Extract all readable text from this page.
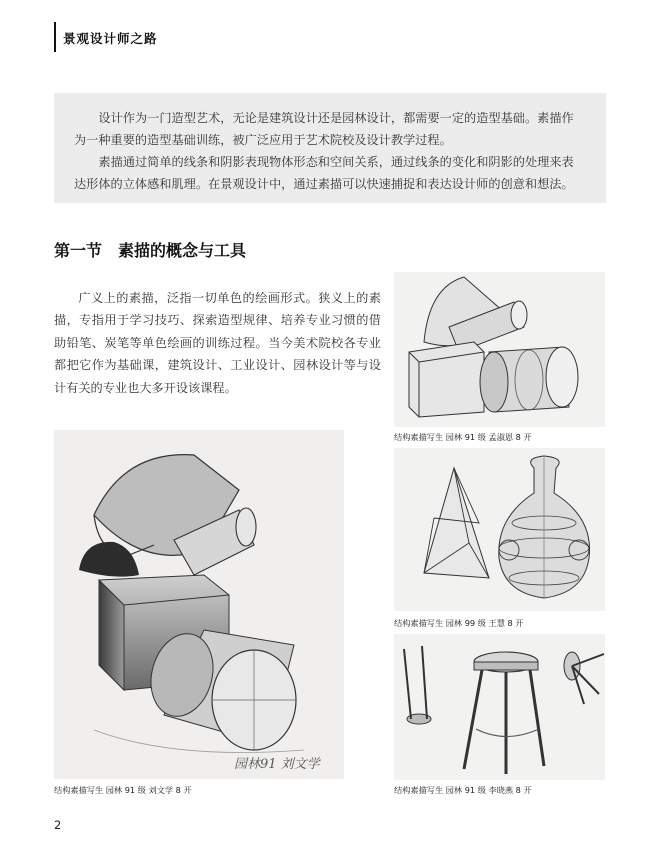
景观设计师之路

设计作为一门造型艺术，无论是建筑设计还是园林设计，都需要一定的造型基础。素描作为一种重要的造型基础训练，被广泛应用于艺术院校及设计教学过程。

素描通过简单的线条和阴影表现物体形态和空间关系，通过线条的变化和阴影的处理来表达形体的立体感和肌理。在景观设计中，通过素描可以快速捕捉和表达设计师的创意和想法。

第一节　素描的概念与工具

广义上的素描，泛指一切单色的绘画形式。狭义上的素描，专指用于学习技巧、探索造型规律、培养专业习惯的借助铅笔、炭笔等单色绘画的训练过程。当今美术院校各专业都把它作为基础课，建筑设计、工业设计、园林设计等与设计有关的专业也大多开设该课程。

园林91 刘文学
结构素描写生 园林 91 级 刘文学 8 开
结构素描写生 园林 91 级 孟淑恩 8 开
结构素描写生 园林 99 级 王慧 8 开
结构素描写生 园林 91 级 李晓燕 8 开
2
